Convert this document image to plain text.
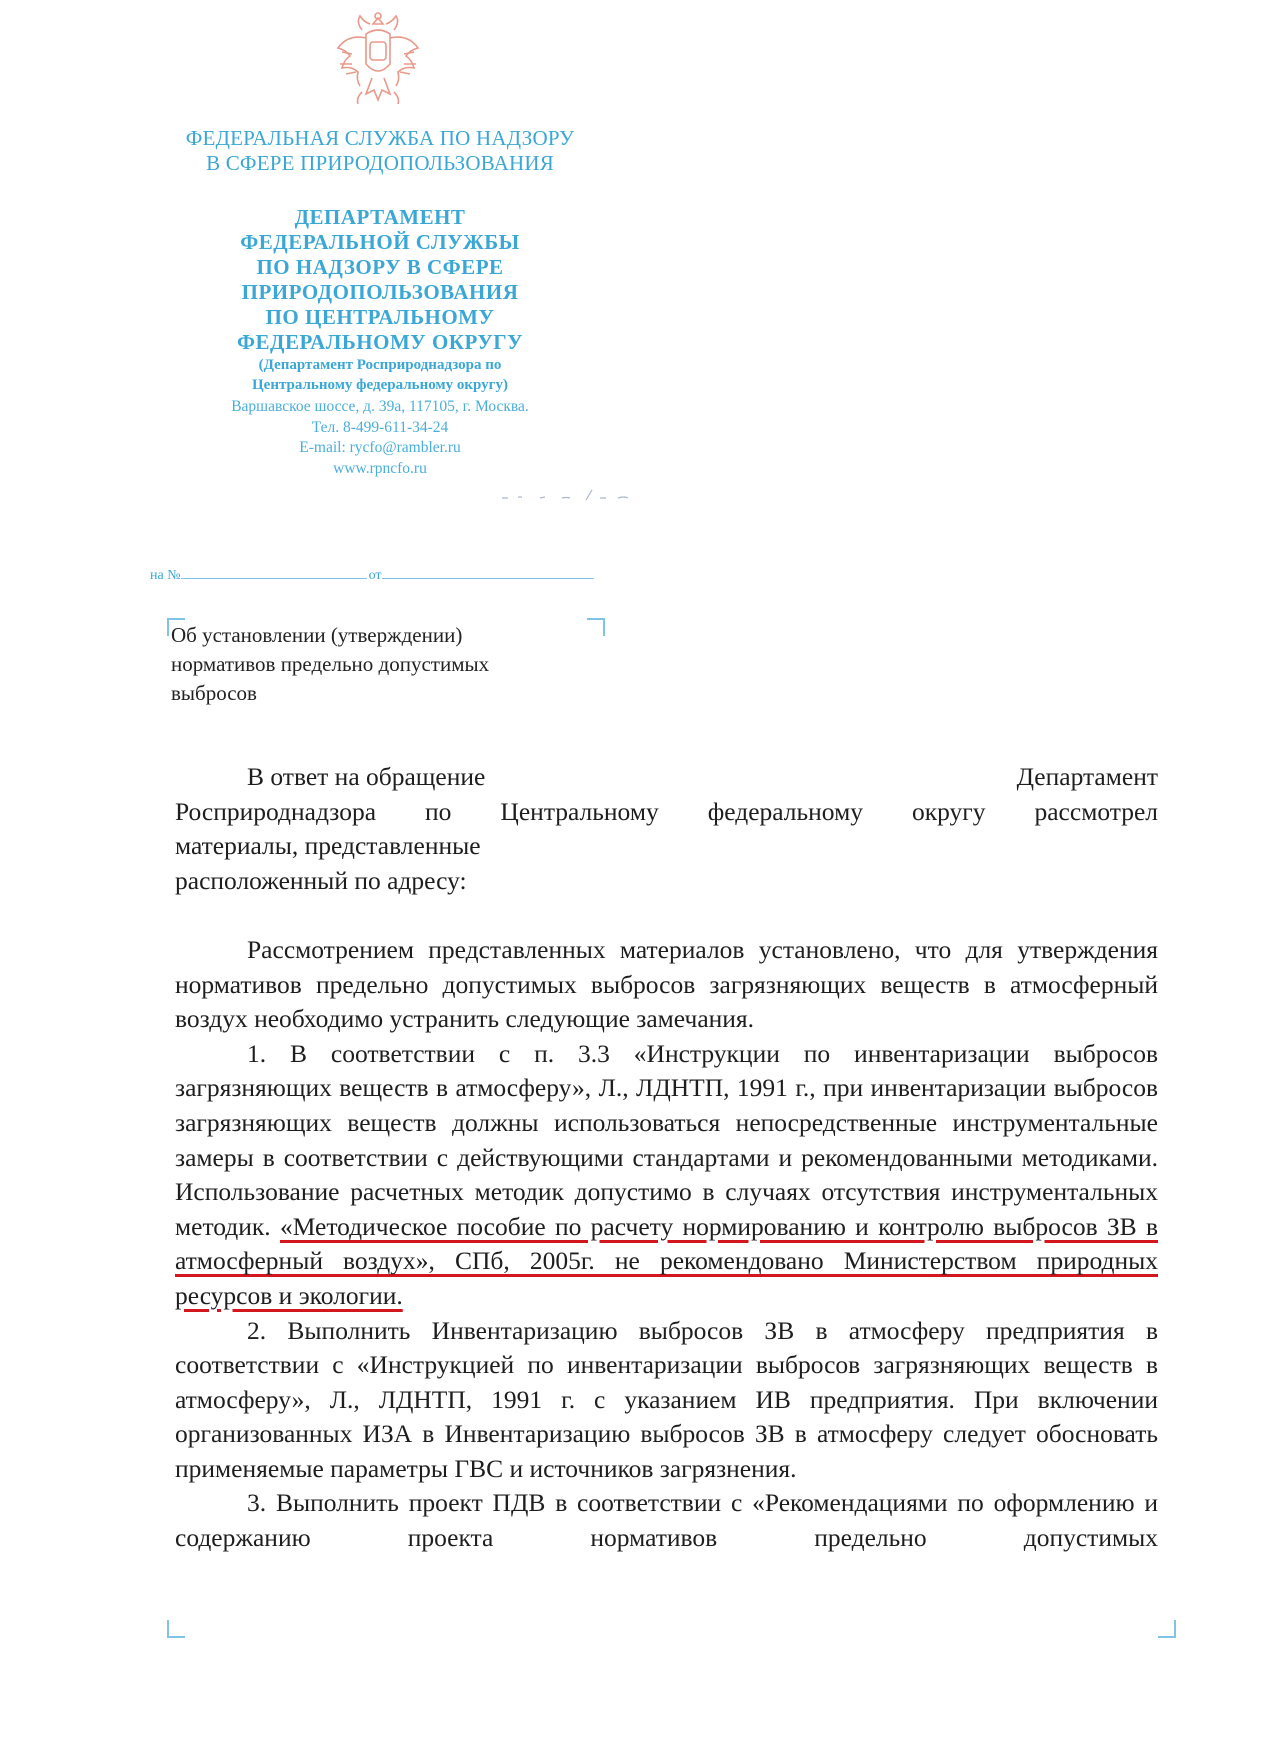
ФЕДЕРАЛЬНАЯ СЛУЖБА ПО НАДЗОРУ
В СФЕРЕ ПРИРОДОПОЛЬЗОВАНИЯ
ДЕПАРТАМЕНТ
ФЕДЕРАЛЬНОЙ СЛУЖБЫ
ПО НАДЗОРУ В СФЕРЕ
ПРИРОДОПОЛЬЗОВАНИЯ
ПО ЦЕНТРАЛЬНОМУ
ФЕДЕРАЛЬНОМУ ОКРУГУ
(Департамент Росприроднадзора по
Центральному федеральному округу)
Варшавское шоссе, д. 39а, 117105, г. Москва.
Тел. 8-499-611-34-24
E-mail: rycfo@rambler.ru
www.rpncfo.ru
на №	от
Об установлении (утверждении)
нормативов предельно допустимых
выбросов
В ответ на обращение	Департамент

Росприроднадзора по Центральному федеральному округу рассмотрел

материалы, представленные

расположенный по адресу:

Рассмотрением представленных материалов установлено, что для утверждения нормативов предельно допустимых выбросов загрязняющих веществ в атмосферный воздух необходимо устранить следующие замечания.

1. В соответствии с п. 3.3 «Инструкции по инвентаризации выбросов загрязняющих веществ в атмосферу», Л., ЛДНТП, 1991 г., при инвентаризации выбросов загрязняющих веществ должны использоваться непосредственные инструментальные замеры в соответствии с действующими стандартами и рекомендованными методиками. Использование расчетных методик допустимо в случаях отсутствия инструментальных методик. «Методическое пособие по расчету нормированию и контролю выбросов ЗВ в атмосферный воздух», СПб, 2005г. не рекомендовано Министерством природных ресурсов и экологии.

2. Выполнить Инвентаризацию выбросов ЗВ в атмосферу предприятия в соответствии с «Инструкцией по инвентаризации выбросов загрязняющих веществ в атмосферу», Л., ЛДНТП, 1991 г. с указанием ИВ предприятия. При включении организованных ИЗА в Инвентаризацию выбросов ЗВ в атмосферу следует обосновать применяемые параметры ГВС и источников загрязнения.

3. Выполнить проект ПДВ в соответствии с «Рекомендациями по оформлению и содержанию проекта нормативов предельно допустимых
